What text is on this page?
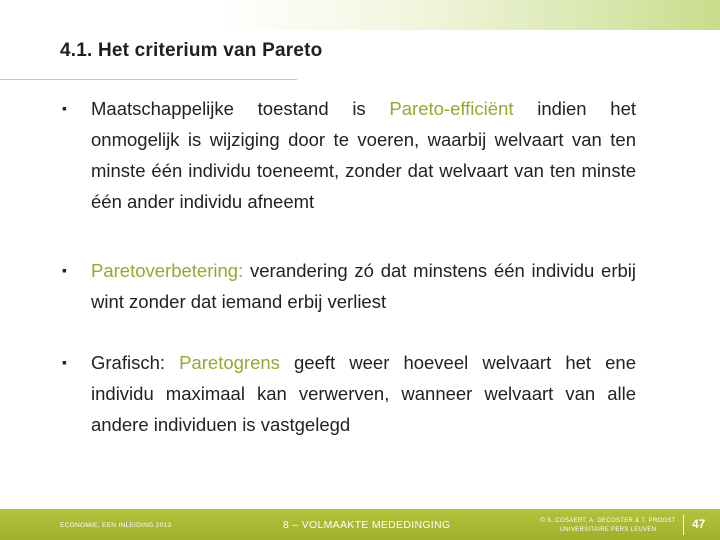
4.1. Het criterium van Pareto
▪	Maatschappelijke toestand is Pareto-efficiënt indien het onmogelijk is wijziging door te voeren, waarbij welvaart van ten minste één individu toeneemt, zonder dat welvaart van ten minste één ander individu afneemt
▪	Paretoverbetering: verandering zó dat minstens één individu erbij wint zonder dat iemand erbij verliest
▪	Grafisch: Paretogrens geeft weer hoeveel welvaart het ene individu maximaal kan verwerven, wanneer welvaart van alle andere individuen is vastgelegd
ECONOMIE, EEN INLEIDING 2013	8 – VOLMAAKTE MEDEDINGING	© S. COSAERT, A. DECOSTER & T. PROOST
UNIVERSITAIRE PERS LEUVEN	47
